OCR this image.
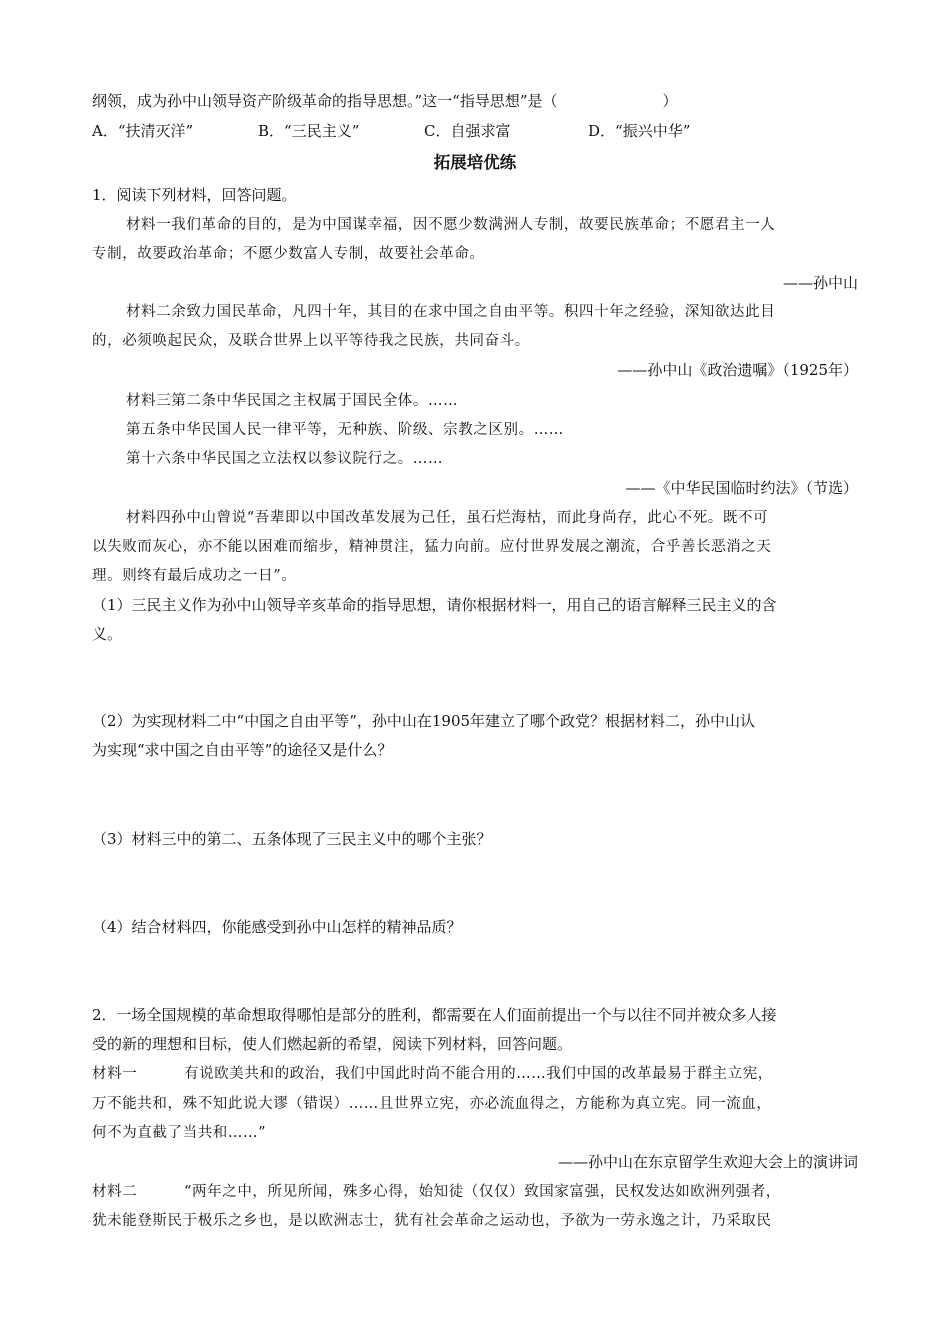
纲领，成为孙中山领导资产阶级革命的指导思想。”这一“指导思想”是（　　　　　　　）
A．“扶清灭洋”	B．“三民主义”	C．自强求富	D．“振兴中华”
拓展培优练
1．阅读下列材料，回答问题。
材料一我们革命的目的，是为中国谋幸福，因不愿少数满洲人专制，故要民族革命；不愿君主一人
专制，故要政治革命；不愿少数富人专制，故要社会革命。
——孙中山
材料二余致力国民革命，凡四十年，其目的在求中国之自由平等。积四十年之经验，深知欲达此目
的，必须唤起民众，及联合世界上以平等待我之民族，共同奋斗。
——孙中山《政治遗嘱》（1925年）
材料三第二条中华民国之主权属于国民全体。……
第五条中华民国人民一律平等，无种族、阶级、宗教之区别。……
第十六条中华民国之立法权以参议院行之。……
——《中华民国临时约法》（节选）
材料四孙中山曾说“吾辈即以中国改革发展为己任，虽石烂海枯，而此身尚存，此心不死。既不可
以失败而灰心，亦不能以困难而缩步，精神贯注，猛力向前。应付世界发展之潮流，合乎善长恶消之天
理。则终有最后成功之一日”。
（1）三民主义作为孙中山领导辛亥革命的指导思想，请你根据材料一，用自己的语言解释三民主义的含
义。
（2）为实现材料二中“中国之自由平等”，孙中山在1905年建立了哪个政党？根据材料二，孙中山认
为实现“求中国之自由平等”的途径又是什么？
（3）材料三中的第二、五条体现了三民主义中的哪个主张？
（4）结合材料四，你能感受到孙中山怎样的精神品质？
2．一场全国规模的革命想取得哪怕是部分的胜利，都需要在人们面前提出一个与以往不同并被众多人接
受的新的理想和目标，使人们燃起新的希望，阅读下列材料，回答问题。
材料一	有说欧美共和的政治，我们中国此时尚不能合用的……我们中国的改革最易于群主立宪，
万不能共和，殊不知此说大谬（错误）……且世界立宪，亦必流血得之，方能称为真立宪。同一流血，
何不为直截了当共和……”
——孙中山在东京留学生欢迎大会上的演讲词
材料二	“两年之中，所见所闻，殊多心得，始知徒（仅仅）致国家富强，民权发达如欧洲列强者，
犹未能登斯民于极乐之乡也，是以欧洲志士，犹有社会革命之运动也，予欲为一劳永逸之计，乃采取民
